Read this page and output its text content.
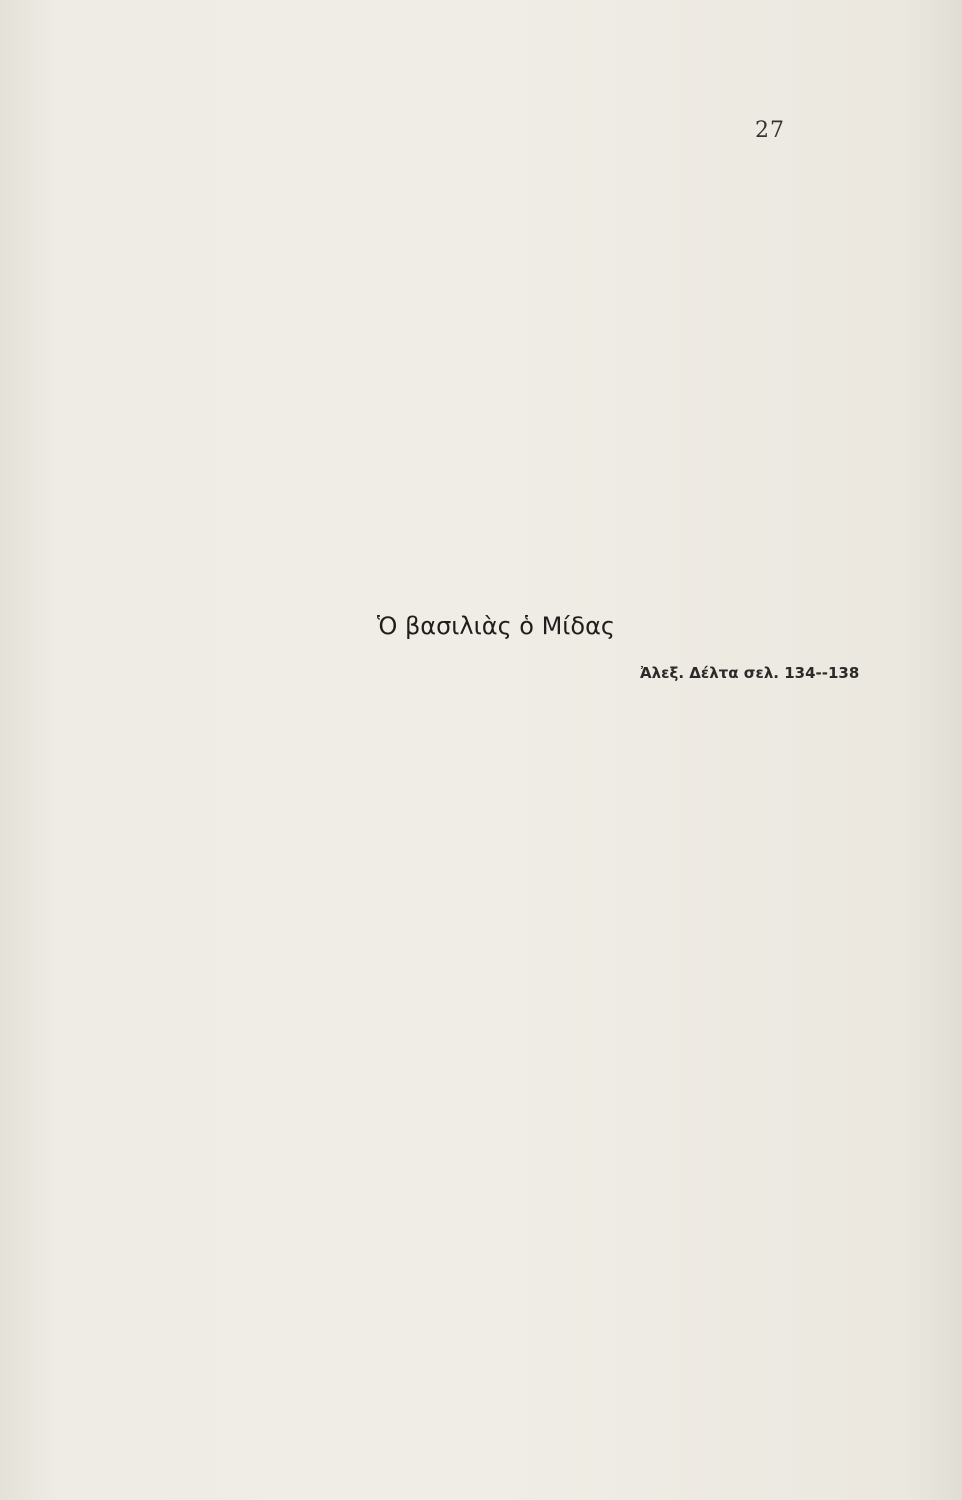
27
Ὁ βασιλιὰς ὁ Μίδας
Ἀλεξ. Δέλτα σελ. 134--138
